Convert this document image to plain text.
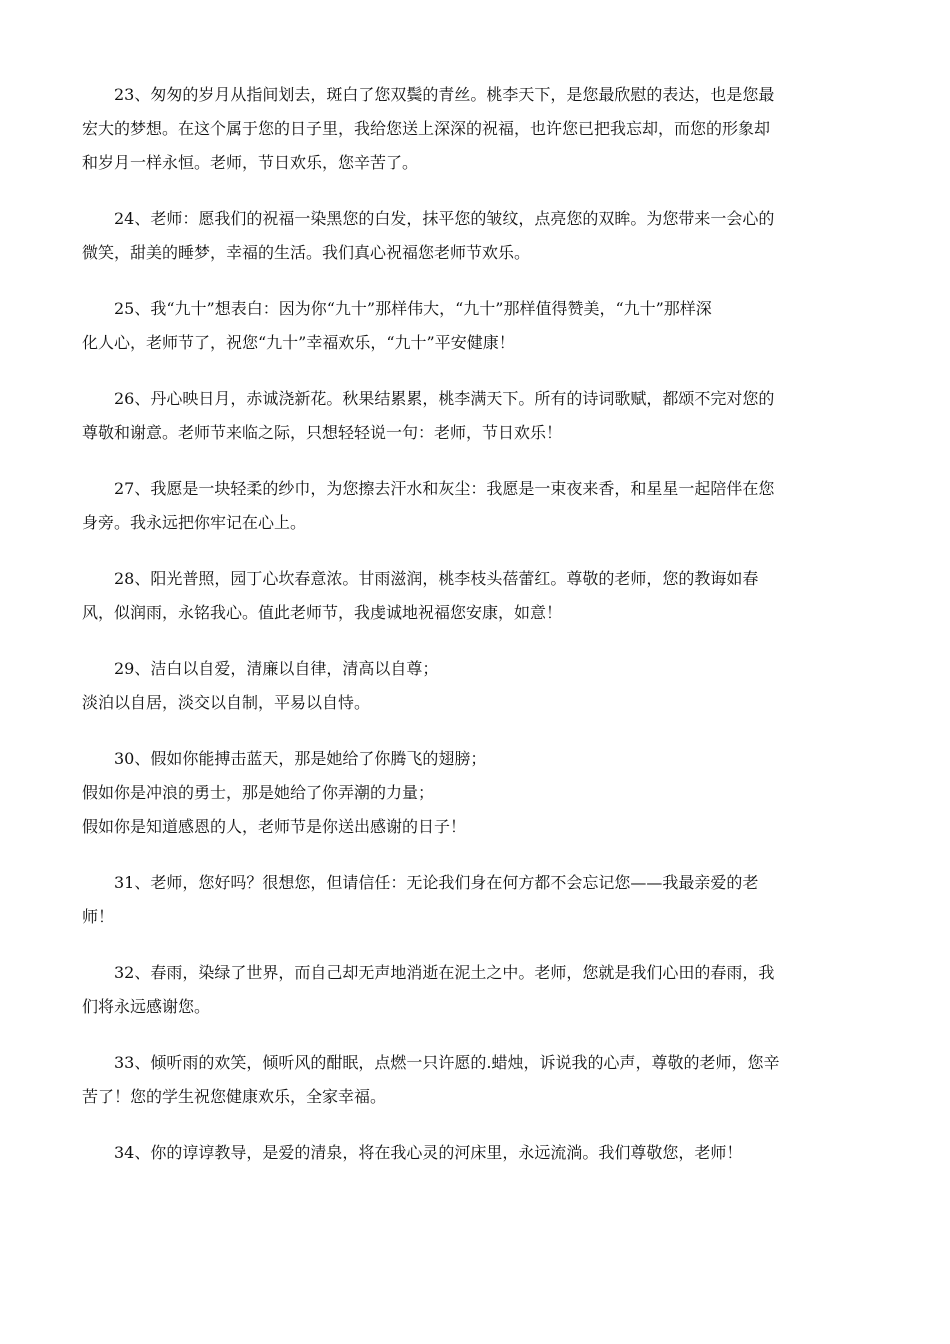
23、匆匆的岁月从指间划去，斑白了您双鬓的青丝。桃李天下，是您最欣慰的表达，也是您最
宏大的梦想。在这个属于您的日子里，我给您送上深深的祝福，也许您已把我忘却，而您的形象却
和岁月一样永恒。老师，节日欢乐，您辛苦了。
24、老师：愿我们的祝福一染黑您的白发，抹平您的皱纹，点亮您的双眸。为您带来一会心的
微笑，甜美的睡梦，幸福的生活。我们真心祝福您老师节欢乐。
25、我“九十”想表白：因为你“九十”那样伟大，“九十”那样值得赞美，“九十”那样深
化人心，老师节了，祝您“九十”幸福欢乐，“九十”平安健康！
26、丹心映日月，赤诚浇新花。秋果结累累，桃李满天下。所有的诗词歌赋，都颂不完对您的
尊敬和谢意。老师节来临之际，只想轻轻说一句：老师，节日欢乐！
27、我愿是一块轻柔的纱巾，为您擦去汗水和灰尘：我愿是一束夜来香，和星星一起陪伴在您
身旁。我永远把你牢记在心上。
28、阳光普照，园丁心坎春意浓。甘雨滋润，桃李枝头蓓蕾红。尊敬的老师，您的教诲如春
风，似润雨，永铭我心。值此老师节，我虔诚地祝福您安康，如意！
29、洁白以自爱，清廉以自律，清高以自尊；
淡泊以自居，淡交以自制，平易以自恃。
30、假如你能搏击蓝天，那是她给了你腾飞的翅膀；
假如你是冲浪的勇士，那是她给了你弄潮的力量；
假如你是知道感恩的人，老师节是你送出感谢的日子！
31、老师，您好吗？很想您，但请信任：无论我们身在何方都不会忘记您——我最亲爱的老
师！
32、春雨，染绿了世界，而自己却无声地消逝在泥土之中。老师，您就是我们心田的春雨，我
们将永远感谢您。
33、倾听雨的欢笑，倾听风的酣眠，点燃一只许愿的.蜡烛，诉说我的心声，尊敬的老师，您辛
苦了！您的学生祝您健康欢乐，全家幸福。
34、你的谆谆教导，是爱的清泉，将在我心灵的河床里，永远流淌。我们尊敬您，老师！
